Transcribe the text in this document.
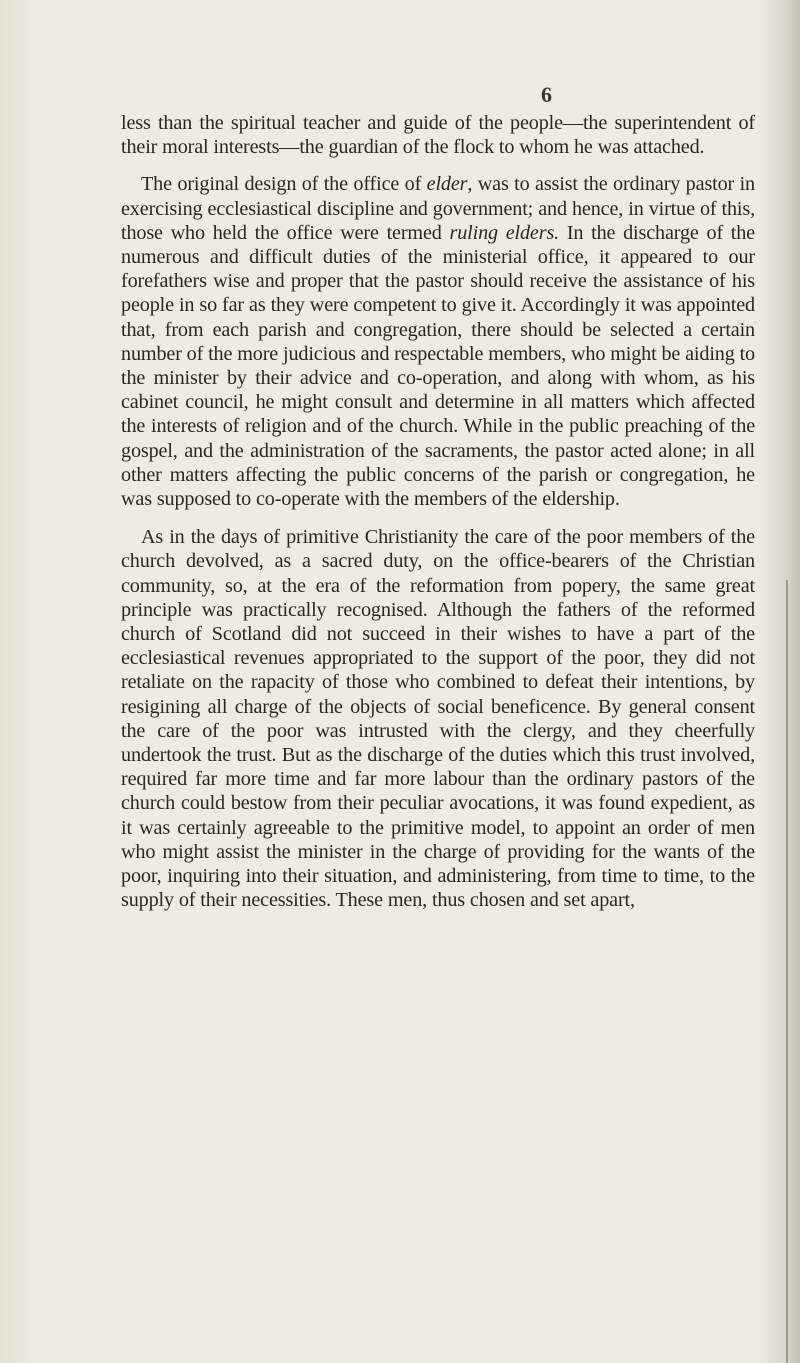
6

less than the spiritual teacher and guide of the people—the superintendent of their moral interests—the guardian of the flock to whom he was attached.

The original design of the office of elder, was to assist the ordinary pastor in exercising ecclesiastical discipline and government; and hence, in virtue of this, those who held the office were termed ruling elders. In the discharge of the numerous and difficult duties of the ministerial office, it appeared to our forefathers wise and proper that the pastor should receive the assistance of his people in so far as they were competent to give it. Accordingly it was appointed that, from each parish and congregation, there should be selected a certain number of the more judicious and respectable members, who might be aiding to the minister by their advice and co-operation, and along with whom, as his cabinet council, he might consult and determine in all matters which affected the interests of religion and of the church. While in the public preaching of the gospel, and the administration of the sacraments, the pastor acted alone; in all other matters affecting the public concerns of the parish or congregation, he was supposed to co-operate with the members of the eldership.

As in the days of primitive Christianity the care of the poor members of the church devolved, as a sacred duty, on the office-bearers of the Christian community, so, at the era of the reformation from popery, the same great principle was practically recognised. Although the fathers of the reformed church of Scotland did not succeed in their wishes to have a part of the ecclesiastical revenues appropriated to the support of the poor, they did not retaliate on the rapacity of those who combined to defeat their intentions, by resigining all charge of the objects of social beneficence. By general consent the care of the poor was intrusted with the clergy, and they cheerfully undertook the trust. But as the discharge of the duties which this trust involved, required far more time and far more labour than the ordinary pastors of the church could bestow from their peculiar avocations, it was found expedient, as it was certainly agreeable to the primitive model, to appoint an order of men who might assist the minister in the charge of providing for the wants of the poor, inquiring into their situation, and administering, from time to time, to the supply of their necessities. These men, thus chosen and set apart,
